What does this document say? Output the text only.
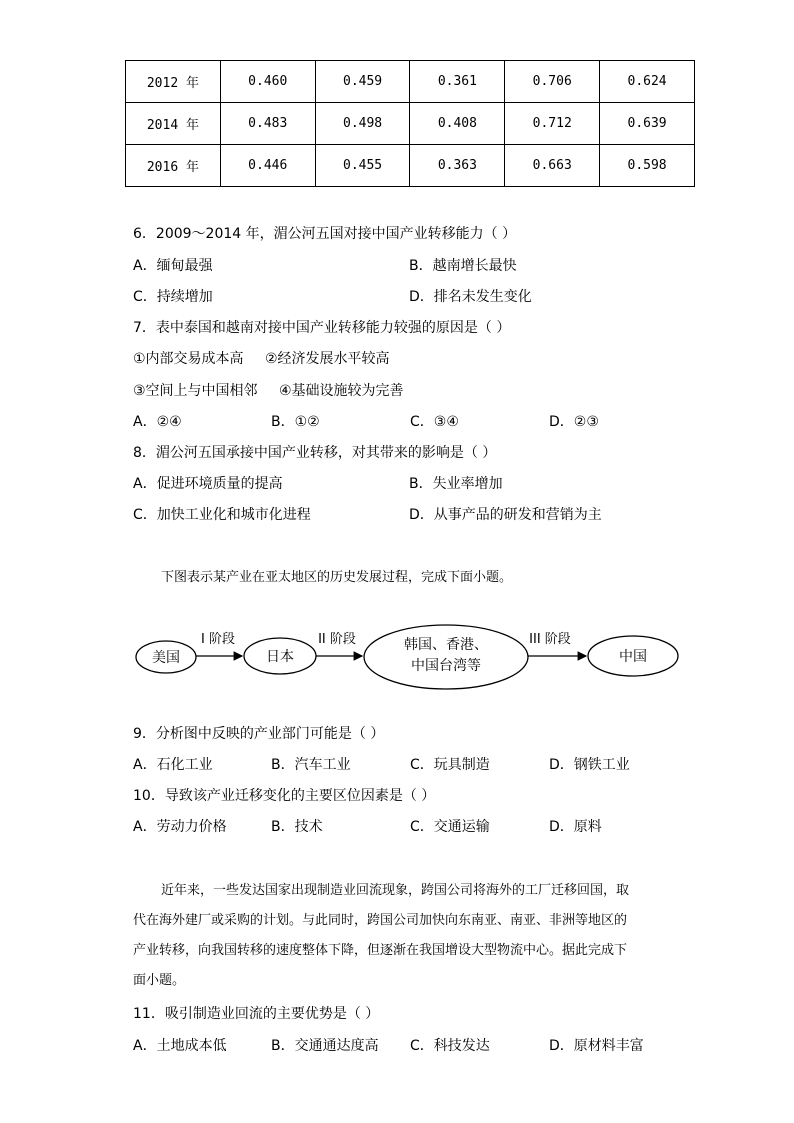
2012 年	0.460	0.459	0.361	0.706	0.624
2014 年	0.483	0.498	0.408	0.712	0.639
2016 年	0.446	0.455	0.363	0.663	0.598
6．2009～2014 年，湄公河五国对接中国产业转移能力（ ）
A．缅甸最强	B．越南增长最快
C．持续增加	D．排名未发生变化
7．表中泰国和越南对接中国产业转移能力较强的原因是（ ）
①内部交易成本高 ②经济发展水平较高
③空间上与中国相邻 ④基础设施较为完善
A．②④	B．①②	C．③④	D．②③
8．湄公河五国承接中国产业转移，对其带来的影响是（ ）
A．促进环境质量的提高	B．失业率增加
C．加快工业化和城市化进程	D．从事产品的研发和营销为主
下图表示某产业在亚太地区的历史发展过程，完成下面小题。
美国	日本
韩国、香港、
中国台湾等
中国
I 阶段	II 阶段	III 阶段
9．分析图中反映的产业部门可能是（ ）
A．石化工业	B．汽车工业	C．玩具制造	D．钢铁工业
10．导致该产业迁移变化的主要区位因素是（ ）
A．劳动力价格	B．技术	C．交通运输	D．原料

近年来，一些发达国家出现制造业回流现象，跨国公司将海外的工厂迁移回国，取

代在海外建厂或采购的计划。与此同时，跨国公司加快向东南亚、南亚、非洲等地区的

产业转移，向我国转移的速度整体下降，但逐渐在我国增设大型物流中心。据此完成下

面小题。

11．吸引制造业回流的主要优势是（ ）
A．土地成本低	B．交通通达度高 C．科技发达	D．原材料丰富
